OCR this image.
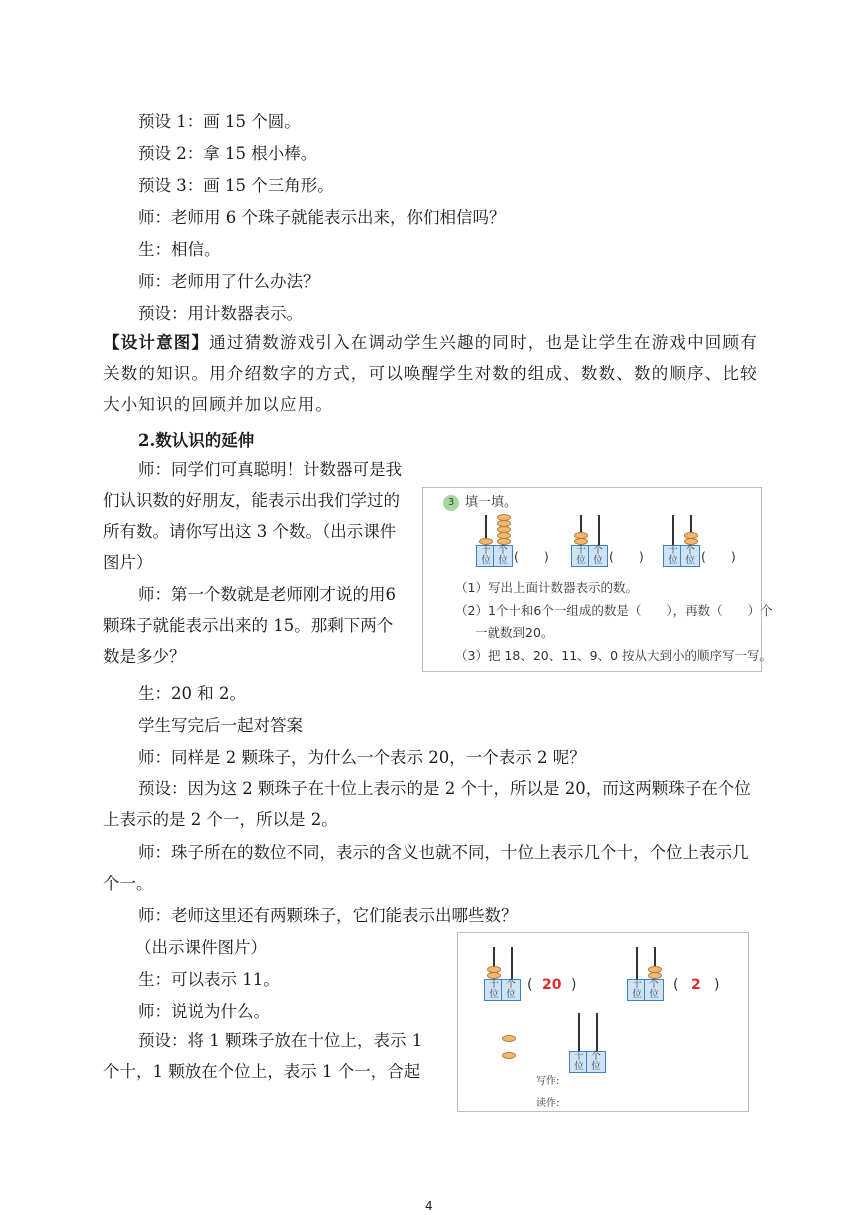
预设 1：画 15 个圆。
预设 2：拿 15 根小棒。
预设 3：画 15 个三角形。
师：老师用 6 个珠子就能表示出来，你们相信吗？
生：相信。
师：老师用了什么办法？
预设：用计数器表示。
【设计意图】通过猜数游戏引入在调动学生兴趣的同时，也是让学生在游戏中回顾有关数的知识。用介绍数字的方式，可以唤醒学生对数的组成、数数、数的顺序、比较大小知识的回顾并加以应用。
2.数认识的延伸
师：同学们可真聪明！计数器可是我们认识数的好朋友，能表示出我们学过的所有数。请你写出这 3 个数。（出示课件图片）
师：第一个数就是老师刚才说的用6 颗珠子就能表示出来的 15。那剩下两个数是多少？
3 填一填。
十位
个位 (　　)	十位
个位 (　　)	十位
个位 (　　)
（1）写出上面计数器表示的数。
（2）1个十和6个一组成的数是（　　），再数（　　）个
一就数到20。
（3）把 18、20、11、9、0 按从大到小的顺序写一写。
生：20 和 2。
学生写完后一起对答案
师：同样是 2 颗珠子，为什么一个表示 20，一个表示 2 呢？
预设：因为这 2 颗珠子在十位上表示的是 2 个十，所以是 20，而这两颗珠子在个位上表示的是 2 个一，所以是 2。
师：珠子所在的数位不同，表示的含义也就不同，十位上表示几个十，个位上表示几个一。
师：老师这里还有两颗珠子，它们能表示出哪些数？
（出示课件图片）
生：可以表示 11。
师：说说为什么。
预设：将 1 颗珠子放在十位上，表示 1 个十，1 颗放在个位上，表示 1 个一，合起
十位
个位
( 20 )	十位
个位
( 2 )
十位
个位
写作:
读作:
4
